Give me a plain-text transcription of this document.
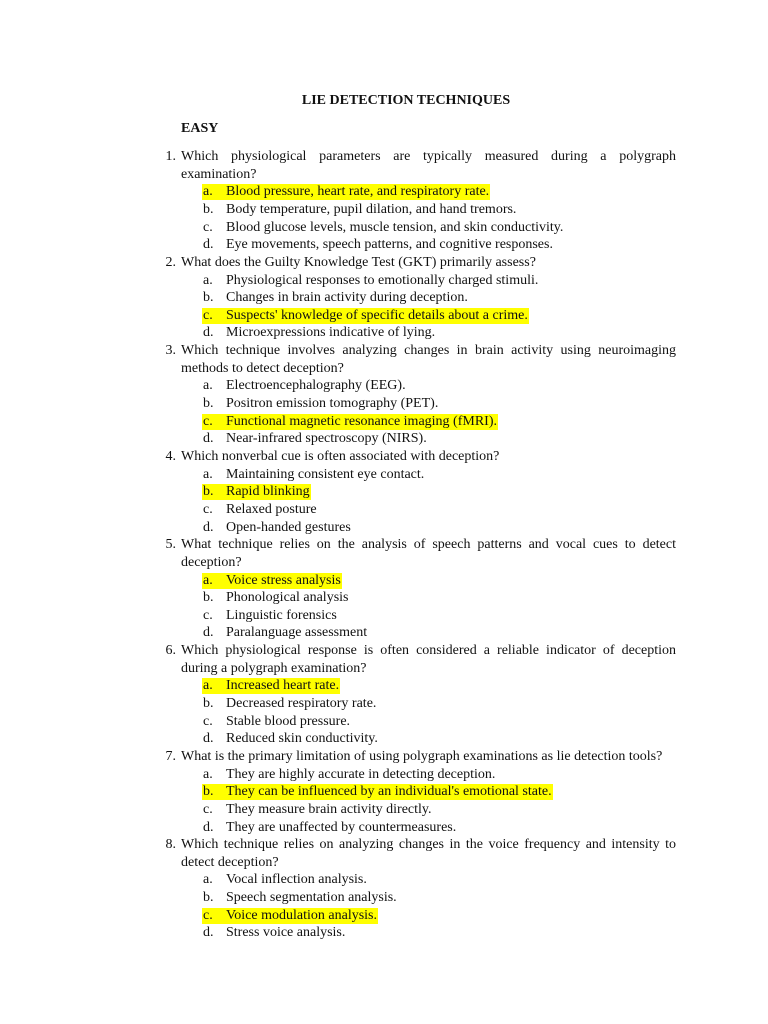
LIE DETECTION TECHNIQUES
EASY
1. Which physiological parameters are typically measured during a polygraph examination?
a. Blood pressure, heart rate, and respiratory rate.
b. Body temperature, pupil dilation, and hand tremors.
c. Blood glucose levels, muscle tension, and skin conductivity.
d. Eye movements, speech patterns, and cognitive responses.
2. What does the Guilty Knowledge Test (GKT) primarily assess?
a. Physiological responses to emotionally charged stimuli.
b. Changes in brain activity during deception.
c. Suspects' knowledge of specific details about a crime.
d. Microexpressions indicative of lying.
3. Which technique involves analyzing changes in brain activity using neuroimaging methods to detect deception?
a. Electroencephalography (EEG).
b. Positron emission tomography (PET).
c. Functional magnetic resonance imaging (fMRI).
d. Near-infrared spectroscopy (NIRS).
4. Which nonverbal cue is often associated with deception?
a. Maintaining consistent eye contact.
b. Rapid blinking
c. Relaxed posture
d. Open-handed gestures
5. What technique relies on the analysis of speech patterns and vocal cues to detect deception?
a. Voice stress analysis
b. Phonological analysis
c. Linguistic forensics
d. Paralanguage assessment
6. Which physiological response is often considered a reliable indicator of deception during a polygraph examination?
a. Increased heart rate.
b. Decreased respiratory rate.
c. Stable blood pressure.
d. Reduced skin conductivity.
7. What is the primary limitation of using polygraph examinations as lie detection tools?
a. They are highly accurate in detecting deception.
b. They can be influenced by an individual's emotional state.
c. They measure brain activity directly.
d. They are unaffected by countermeasures.
8. Which technique relies on analyzing changes in the voice frequency and intensity to detect deception?
a. Vocal inflection analysis.
b. Speech segmentation analysis.
c. Voice modulation analysis.
d. Stress voice analysis.
